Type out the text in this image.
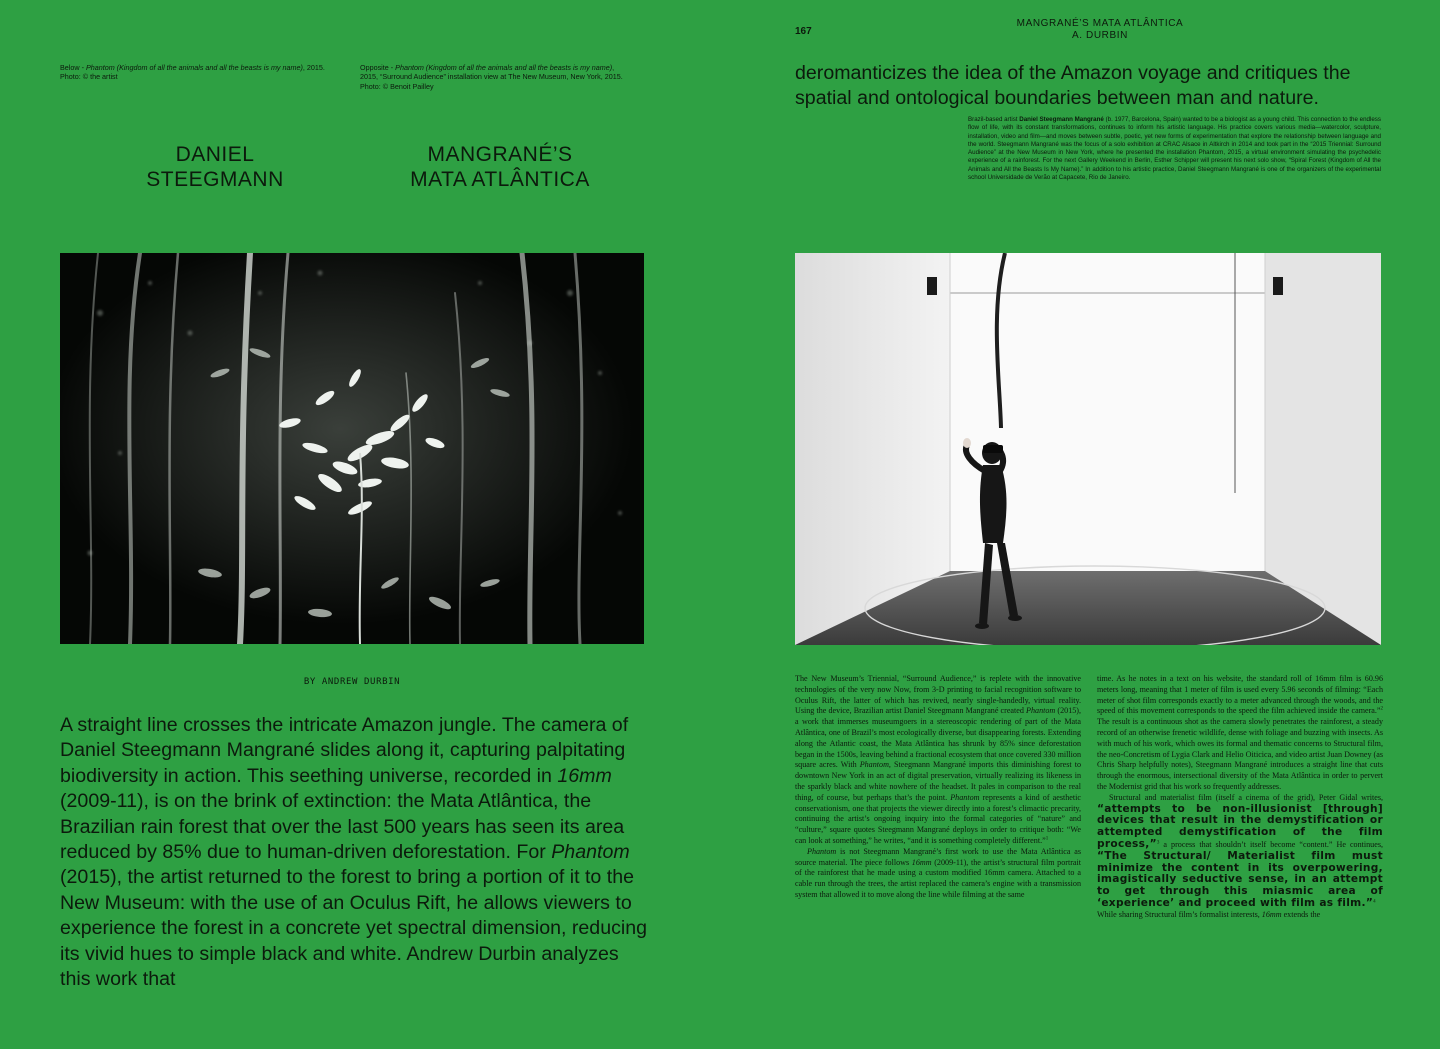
Below - Phantom (Kingdom of all the animals and all the beasts is my name), 2015. Photo: © the artist
Opposite - Phantom (Kingdom of all the animals and all the beasts is my name), 2015, “Surround Audience” installation view at The New Museum, New York, 2015. Photo: © Benoit Pailley
DANIEL
STEEGMANN
MANGRANÉ’S
MATA ATLÂNTICA
BY ANDREW DURBIN
A straight line crosses the intricate Amazon jungle. The camera of Daniel Steegmann Mangrané slides along it, capturing palpitating biodiversity in action. This seething universe, recorded in 16mm (2009-11), is on the brink of extinction: the Mata Atlântica, the Brazilian rain forest that over the last 500 years has seen its area reduced by 85% due to human-driven deforestation. For Phantom (2015), the artist returned to the forest to bring a portion of it to the New Museum: with the use of an Oculus Rift, he allows viewers to experience the forest in a concrete yet spectral dimension, reducing its vivid hues to simple black and white. Andrew Durbin analyzes this work that
167
MANGRANÉ’S MATA ATLÂNTICA
A. DURBIN
deromanticizes the idea of the Amazon voyage and critiques the spatial and ontological boundaries between man and nature.
Brazil-based artist Daniel Steegmann Mangrané (b. 1977, Barcelona, Spain) wanted to be a biologist as a young child. This connection to the endless flow of life, with its constant transformations, continues to inform his artistic language. His practice covers various media—watercolor, sculpture, installation, video and film—and moves between subtle, poetic, yet new forms of experimentation that explore the relationship between language and the world. Steegmann Mangrané was the focus of a solo exhibition at CRAC Alsace in Altkirch in 2014 and took part in the “2015 Triennial: Surround Audience” at the New Museum in New York, where he presented the installation Phantom, 2015, a virtual environment simulating the psychedelic experience of a rainforest. For the next Gallery Weekend in Berlin, Esther Schipper will present his next solo show, “Spiral Forest (Kingdom of All the Animals and All the Beasts Is My Name).” In addition to his artistic practice, Daniel Steegmann Mangrané is one of the organizers of the experimental school Universidade de Verão at Capacete, Rio de Janeiro.

The New Museum’s Triennial, “Surround Audience,” is replete with the innovative technologies of the very now Now, from 3-D printing to facial recognition software to Oculus Rift, the latter of which has revived, nearly single-handedly, virtual reality. Using the device, Brazilian artist Daniel Steegmann Mangrané created Phantom (2015), a work that immerses museumgoers in a stereoscopic rendering of part of the Mata Atlântica, one of Brazil’s most ecologically diverse, but disappearing forests. Extending along the Atlantic coast, the Mata Atlântica has shrunk by 85% since deforestation began in the 1500s, leaving behind a fractional ecosystem that once covered 330 million square acres. With Phantom, Steegmann Mangrané imports this diminishing forest to downtown New York in an act of digital preservation, virtually realizing its likeness in the sparkly black and white nowhere of the headset. It pales in comparison to the real thing, of course, but perhaps that’s the point. Phantom represents a kind of aesthetic conservationism, one that projects the viewer directly into a forest’s climactic precarity, continuing the artist’s ongoing inquiry into the formal categories of “nature” and “culture,” square quotes Steegmann Mangrané deploys in order to critique both: “We can look at something,” he writes, “and it is something completely different.”$^1$

Phantom is not Steegmann Mangrané’s first work to use the Mata Atlântica as source material. The piece follows 16mm (2009-11), the artist’s structural film portrait of the rainforest that he made using a custom modified 16mm camera. Attached to a cable run through the trees, the artist replaced the camera’s engine with a transmission system that allowed it to move along the line while filming at the same

time. As he notes in a text on his website, the standard roll of 16mm film is 60.96 meters long, meaning that 1 meter of film is used every 5.96 seconds of filming: “Each meter of shot film corresponds exactly to a meter advanced through the woods, and the speed of this movement corresponds to the speed the film achieved inside the camera.”$^2$ The result is a continuous shot as the camera slowly penetrates the rainforest, a steady record of an otherwise frenetic wildlife, dense with foliage and buzzing with insects. As with much of his work, which owes its formal and thematic concerns to Structural film, the neo-Concretism of Lygia Clark and Helio Oiticica, and video artist Juan Downey (as Chris Sharp helpfully notes), Steegmann Mangrané introduces a straight line that cuts through the enormous, intersectional diversity of the Mata Atlântica in order to pervert the Modernist grid that his work so frequently addresses.

Structural and materialist film (itself a cinema of the grid), Peter Gidal writes, “attempts to be non-illusionist [through] devices that result in the demystification or attempted demystification of the film process,”$^3$ a process that shouldn’t itself become “content.” He continues, “The Structural/ Materialist film must minimize the content in its overpowering, imagistically seductive sense, in an attempt to get through this miasmic area of ‘experience’ and proceed with film as film.”$^4$

While sharing Structural film’s formalist interests, 16mm extends the
